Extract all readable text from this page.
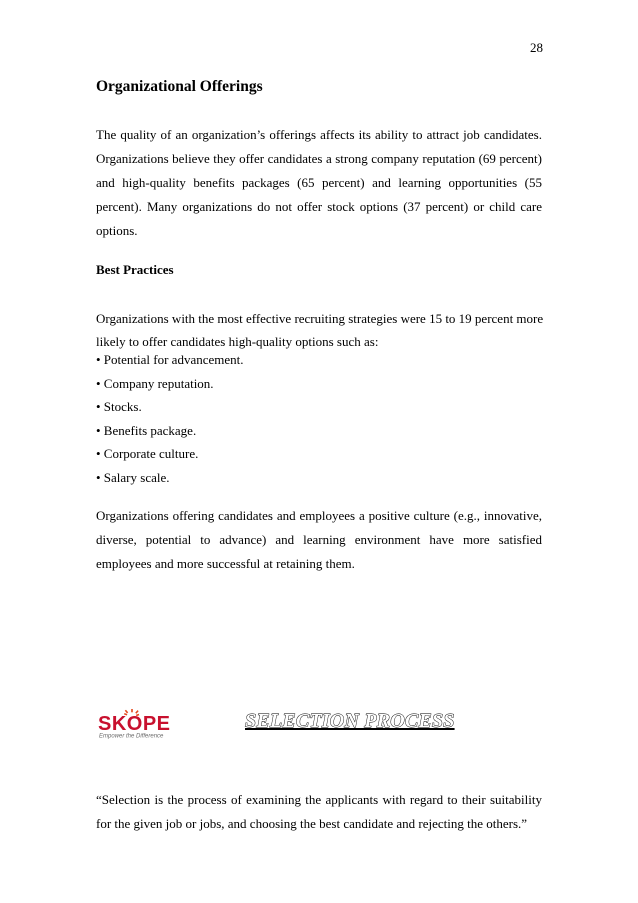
28
Organizational Offerings

The quality of an organization’s offerings affects its ability to attract job candidates.
Organizations believe they offer candidates a strong company reputation (69 percent)
and high-quality benefits packages (65 percent) and learning opportunities (55
percent). Many organizations do not offer stock options (37 percent) or child care
options.

Best Practices
Organizations with the most effective recruiting strategies were 15 to 19 percent more
likely to offer candidates high-quality options such as:
• Potential for advancement.
• Company reputation.
• Stocks.
• Benefits package.
• Corporate culture.
• Salary scale.

Organizations offering candidates and employees a positive culture (e.g., innovative,
diverse, potential to advance) and learning environment have more satisfied
employees and more successful at retaining them.

SKOPE
Empower the Difference
SELECTION PROCESS

“Selection is the process of examining the applicants with regard to their suitability
for the given job or jobs, and choosing the best candidate and rejecting the others.”
